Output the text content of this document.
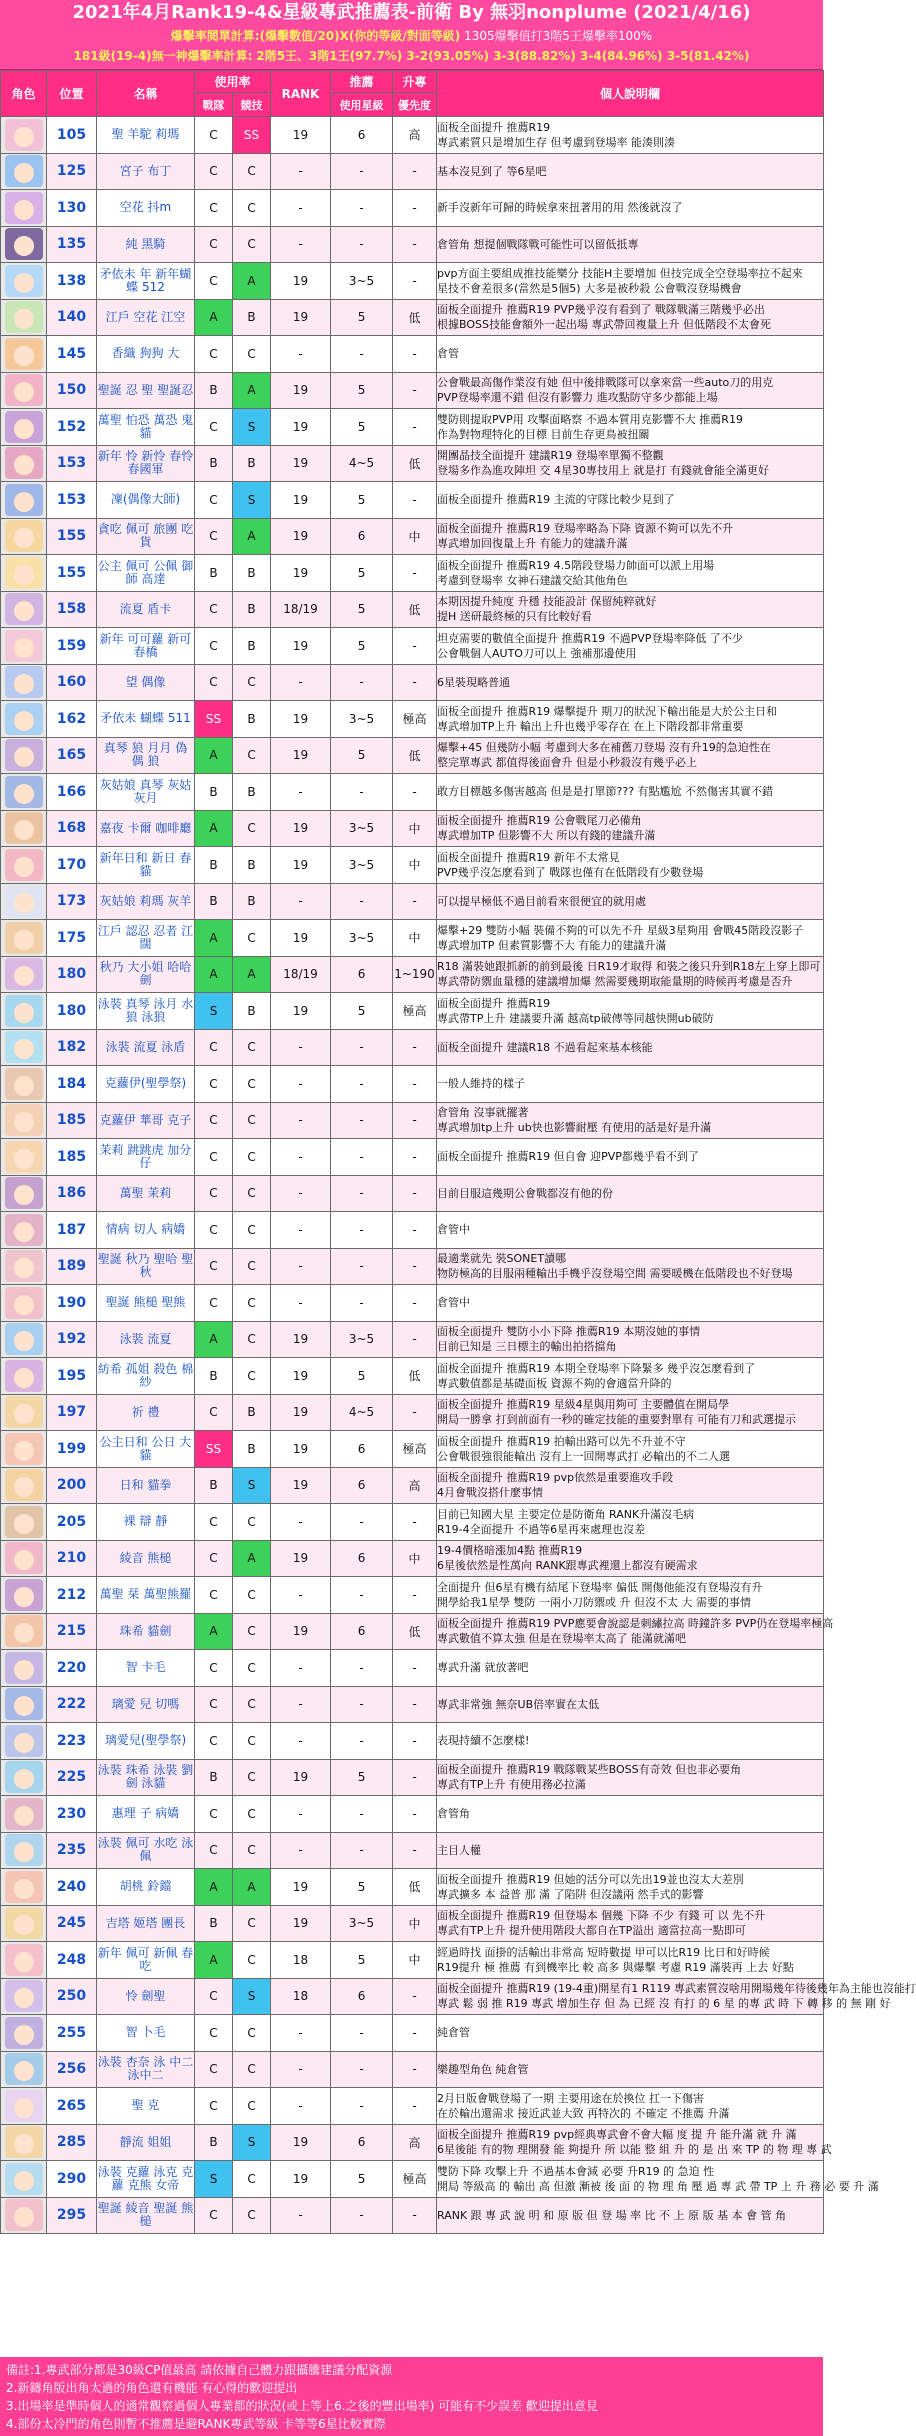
2021年4月Rank19-4&星級專武推薦表-前衛 By 無羽nonplume (2021/4/16)
爆擊率閱單計算:(爆擊數值/20)X(你的等級/對面等級) 1305爆擊值打3階5王爆擊率100%
181級(19-4)無一神爆擊率計算: 2階5王、3階1王(97.7%) 3-2(93.05%) 3-3(88.82%) 3-4(84.96%) 3-5(81.42%)
角色	位置	名稱	使用率		RANK	推薦	升專	個人說明欄
			戰隊	競技		使用星級	優先度	

	105	聖 羊駝 莉瑪	C	SS	19	6	高	面板全面提升 推薦R19
專武素質只是增加生存 但考慮到登場率 能湊則湊

	125	宮子 布丁	C	C	-	-	-	基本沒見到了 等6星吧

	130	空花 抖m	C	C	-	-	-	新手沒新年可歸的時候拿來扭著用的用 然後就沒了

	135	純 黑騎	C	C	-	-	-	倉管角 想提個戰隊戰可能性可以留低抵專

	138	矛依未 年 新年蝴蝶 512	C	A	19	3~5	-	pvp方面主要組成推技能樂分 技能H主要增加 但技完成全空登場率拉不起來
星技不會差很多(當然是5個5) 大多是被秒殺 公會戰沒登場機會

	140	江戶 空花 江空	A	B	19	5	低	面板全面提升 推薦R19 PVP幾乎沒有看到了 戰隊戰滿三階幾乎必出
根據BOSS技能會額外一起出場 專武帶回複量上升 但低階段不太會死

	145	香織 狗狗 大	C	C	-	-	-	倉管

	150	聖誕 忍 聖 聖誕忍	B	A	19	5	-	公會戰最高傷作業沒有她 但中後排戰隊可以拿來當一些auto刀的用克
PVP登場率還不錯 但沒有影響力 進攻點防守多少都能上場

	152	萬聖 怕恐 萬恐 鬼貓	C	S	19	5	-	雙防則提取PVP用 攻擊面略察 不過本質用克影響不大 推薦R19
作為對物理特化的目標 目前生存更鳥被扭關

	153	新年 怜 新怜 春怜 春國軍	B	B	19	4~5	低	開團晶技全面提升 建議R19 登場率單獨不整觀
登場多作為進攻陣坦 交 4星30專技用上 就是打 有錢就會能全滿更好

	153	凜(偶像大師)	C	S	19	5	-	面板全面提升 推薦R19 主流的守隊比較少見到了

	155	貪吃 佩可 旅團 吃貨	C	A	19	6	中	面板全面提升 推薦R19 登場率略為下降 資源不夠可以先不升
專武增加回復量上升 有能力的建議升滿

	155	公主 佩可 公佩 御 師 高達	B	B	19	5	-	面板全面提升 推薦R19 4.5階段登場力帥面可以派上用場
考慮到登場率 女神石建議交給其他角色

	158	流夏 盾卡	C	B	18/19	5	低	本期因提升純度 升穩 技能設計 保留純粹就好
提H 送研最終極的只有比較好看

	159	新年 可可蘿 新可 春橋	C	B	19	5	-	坦克需要的數值全面提升 推薦R19 不過PVP登場率降低 了不少
公會戰個人AUTO刀可以上 強補那邊使用

	160	望 偶像	C	C	-	-	-	6星裝現略普通

	162	矛依未 蝴蝶 511	SS	B	19	3~5	極高	面板全面提升 推薦R19 爆擊提升 期刀的狀況下輸出能是大於公主日和
專武增加TP上升 輸出上升也幾乎零存在 在上下階段都非常重要

	165	真琴 狼 月月 偽 偶 狼	A	C	19	5	低	爆擊+45 但幾防小幅 考慮到大多在補舊刀登場 沒有升19的急迫性在
整完單專武 都值得後面會升 但是小秒殺沒有幾乎必上

	166	灰姑娘 真琴 灰姑 灰月	B	B	-	-	-	敢方目標越多傷害越高 但是是打單節??? 有點尷尬 不然傷害其實不錯

	168	嘉夜 卡爾 咖啡廳	A	C	19	3~5	中	面板全面提升 推薦R19 公會戰尾刀必備角
專武增加TP 但影響不大 所以有錢的建議升滿

	170	新年日和 新日 春貓	B	B	19	3~5	中	面板全面提升 推薦R19 新年不太常見
PVP幾乎沒怎麼看到了 戰隊也僅有在低階段有少數登場

	173	灰姑娘 莉瑪 灰羊	B	B	-	-	-	可以提早極低不過目前看來很便宜的就用處

	175	江戶 認忍 忍者 江闊	A	C	19	3~5	中	爆擊+29 雙防小幅 裝備不夠的可以先不升 星級3星夠用 會戰45階段沒影子
專武增加TP 但素質影響不大 有能力的建議升滿

	180	秋乃 大小姐 哈哈劍	A	A	18/19	6	1~190	R18 滿裝她跟抓新的前到最後 日R19才取得 和裝之後只升到R18左上穿上即可
專武帶防禦血量穩的建議增加爆 然需要幾期取能量期的時候再考慮是否升

	180	泳裝 真琴 泳月 水狼 泳狼	S	B	19	5	極高	面板全面提升 推薦R19
專武帶TP上升 建議要升滿 越高tp破傳等同越快開ub破防

	182	泳裝 流夏 泳盾	C	C	-	-	-	面板全面提升 建議R18 不過看起來基本核能

	184	克蘿伊(聖學祭)	C	C	-	-	-	一般人維持的樣子

	185	克蘿伊 華哥 克子	C	C	-	-	-	倉管角 沒事就擺著
專武增加tp上升 ub快也影響耐壓 有使用的話是好是升滿

	185	茉莉 跳跳虎 加分仔	C	C	-	-	-	面板全面提升 推薦R19 但自會 迎PVP都幾乎看不到了

	186	萬聖 茉莉	C	C	-	-	-	目前目服這幾期公會戰都沒有他的份

	187	情病 切人 病嬌	C	C	-	-	-	倉管中

	189	聖誕 秋乃 聖哈 聖秋	C	C	-	-	-	最適業就先 裝SONET讀哪
物防極高的目服兩種輸出手機乎沒登場空間 需要暖機在低階段也不好登場

	190	聖誕 熊槌 聖熊	C	C	-	-	-	倉管中

	192	泳裝 流夏	A	C	19	3~5	-	面板全面提升 雙防小小下降 推薦R19 本期沒她的事情
目前已知是 三日標主的輸出拍搭擋角

	195	紡希 孤姐 殺色 棉紗	B	C	19	5	低	面板全面提升 推薦R19 本期全登場率下降緊多 幾乎沒怎麼看到了
專武數值都是基礎面板 資源不夠的會適當升降的

	197	祈 禮	C	B	19	4~5	-	面板全面提升 推薦R19 星級4星與用夠可 主要體值在開局學
開局一勝拿 打到前面有一秒的確定技能的重要對單有 可能有刀和武選提示

	199	公主日和 公日 大貓	SS	B	19	6	極高	面板全面提升 推薦R19 拍輸出路可以先不升並不守
公會戰很強很能輸出 沒有上一回開專武打 必輸出的不二人選

	200	日和 貓拳	B	S	19	6	高	面板全面提升 推薦R19 pvp依然是重要進攻手段
4月會戰沒搭什麼事情

	205	裸 辯 靜	C	C	-	-	-	目前已知國大星 主要定位是防衛角 RANK升滿沒毛病
R19-4全面提升 不過等6星再來處理也沒差

	210	綾音 熊槌	C	A	19	6	中	19-4價格暗漲加4點 推薦R19
6星後依然是性萬向 RANK跟專武裡還上都沒有硬需求

	212	萬聖 栞 萬聖熊羅	C	C	-	-	-	全面提升 但6星有機有結尾下登場率 偏低 開傷他能沒有登場沒有升
開學給我1星學 雙防 一兩小刀防禦或 升 但沒不太 大 需要的事情

	215	珠希 貓劍	A	C	19	6	低	面板全面提升 推薦R19 PVP應要會說認是刺繡拉高 時鐘許多 PVP仍在登場率極高
專武數值不算太強 但是在登場率太高了 能滿就滿吧

	220	智 卡毛	C	C	-	-	-	專武升滿 就放著吧

	222	璃愛 兒 切嗎	C	C	-	-	-	專武非常強 無奈UB倍率實在太低

	223	璃愛兒(聖學祭)	C	C	-	-	-	表現持續不怎麼樣!

	225	泳裝 珠希 泳裝 劉劍 泳貓	B	C	19	5	-	面板全面提升 推薦R19 戰隊戰某些BOSS有奇效 但也非必要角
專武有TP上升 有使用務必拉滿

	230	惠理 子 病嬌	C	C	-	-	-	倉管角

	235	泳裝 佩可 水吃 泳佩	C	C	-	-	-	主目人權

	240	胡桃 鈴鐺	A	A	19	5	低	面板全面提升 推薦R19 但她的活分可以先出19並也沒太大差別
專武擴多 本 益普 那 滿 了陷阱 但沒議兩 然手式的影響

	245	吉塔 姬塔 團長	B	C	19	3~5	中	面板全面提升 推薦R19 但登場本 個幾 下降 不少 有錢 可 以 先不升
專武有TP上升 提升使用階段大都自在TP溢出 適當拉高一點即可

	248	新年 佩可 新佩 春吃	A	C	18	5	中	經過時找 面掛的活輸出非常高 短時數提 甲可以比R19 比日和好時候
R19提升 極 推薦 有到機率比 較 高多 與爆擊 考慮 R19 滿裝再 上去 好點

	250	怜 劍聖	C	S	18	6	-	面板全面提升 推薦R19 (19-4重)開星有1 R119 專武素質沒啥用開場幾年待後幾年為主能也沒能打
專武 鬆 弱 推 R19 專武 增加生存 但 為 已經 沒 有打 的 6 星 的專 武 時 下 轉 移 的 無 剛 好

	255	智 卜毛	C	C	-	-	-	純倉管

	256	泳裝 杏奈 泳 中二 泳中二	C	C	-	-	-	樂趣型角色 純倉管

	265	聖 克	C	C	-	-	-	2月日版會戰登場了一期 主要用途在於換位 扛一下傷害
在於輸出還需求 接近武並大致 再特次的 不確定 不推薦 升滿

	285	靜流 姐姐	B	S	19	6	高	面板全面提升 推薦R19 pvp經典專武會不會大幅 度 提 升 能升滿 就 升 滿
6星後能 有的物 理開發 能 夠提升 所 以能 整 組 升 的 是 出 來 TP 的 物 理 專 武

	290	泳裝 克蘿 泳克 克蘿 克熊 女帝	S	C	19	5	極高	雙防下降 攻擊上升 不過基本會減 必要 升R19 的 急迫 性
開局 等級高 的 輸出 高 但激 漸被 後 面 的 物 理 角 壓 過 專 武 帶 TP 上 升 務 必 要 升 滿

	295	聖誕 綾音 聖誕 熊槌	C	C	-	-	-	RANK 跟 專 武 說 明 和 原 版 但 登 場 率 比 不 上 原 版 基 本 會 管 角
備註:1.專武部分都是30級CP值最高 請依據自己體力跟攝騰建議分配資源
2.新鑄角版出角太過的角色還有機能 有心得的歡迎提出
3.出場率是準時個人的通常觀察過個人專業都的狀況(或上等上6.之後的豐出場率) 可能有不少誤差 歡迎提出意見
4.部份太冷門的角色則暫不推薦是避RANK專武等級 卡等等6星比較實際
